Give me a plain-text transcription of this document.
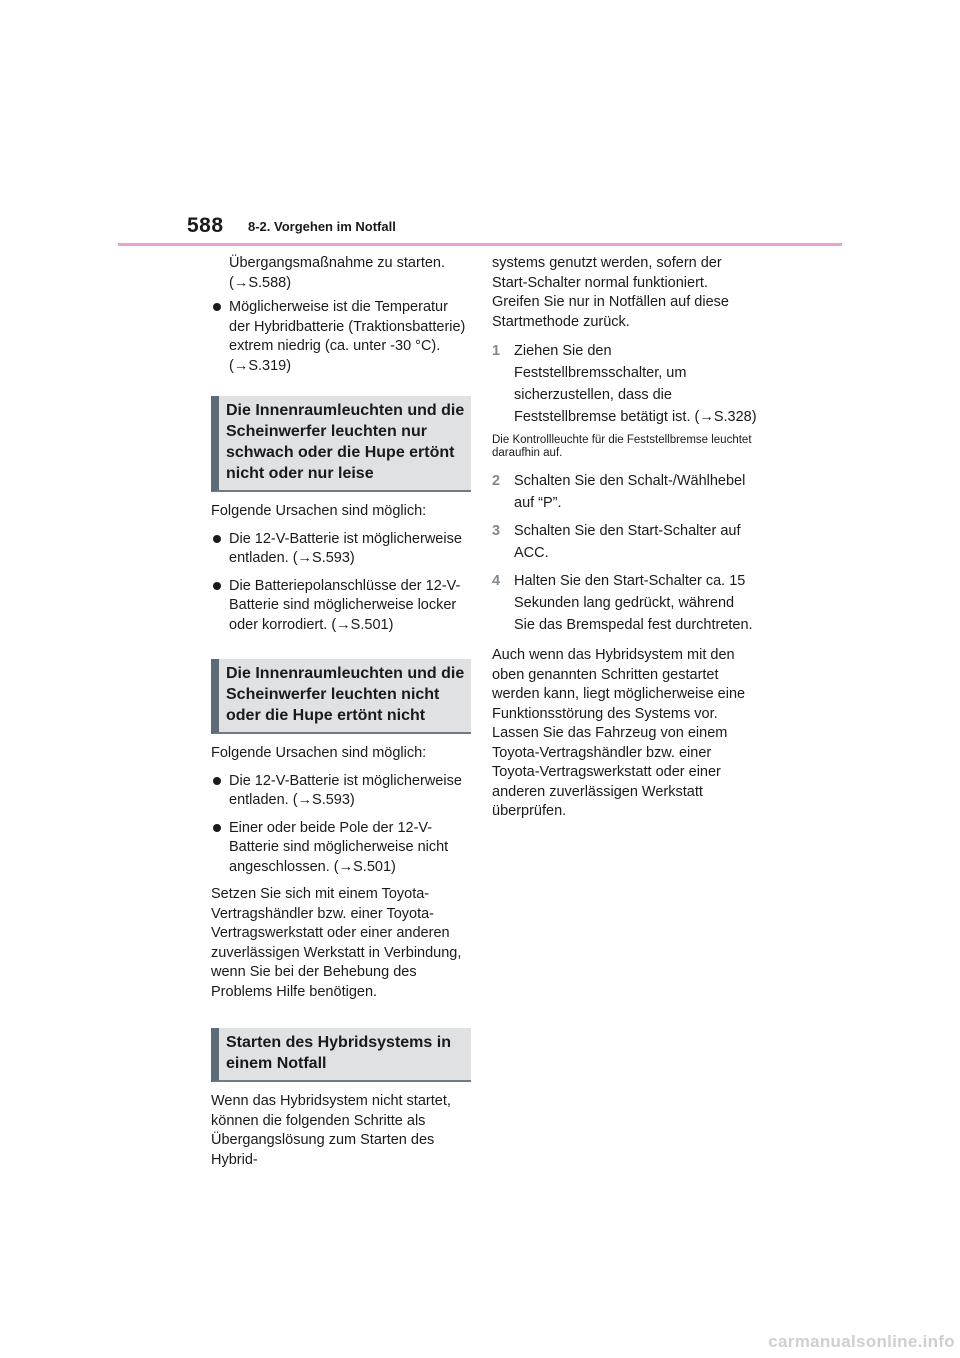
588 8-2. Vorgehen im Notfall
Übergangsmaßnahme zu starten.
(→S.588)
Möglicherweise ist die Temperatur der Hybridbatterie (Traktionsbatterie) extrem niedrig (ca. unter -30 °C). (→S.319)
Die Innenraumleuchten und die Scheinwerfer leuchten nur schwach oder die Hupe ertönt nicht oder nur leise
Folgende Ursachen sind möglich:
Die 12-V-Batterie ist möglicherweise entladen. (→S.593)
Die Batteriepolanschlüsse der 12-V-Batterie sind möglicherweise locker oder korrodiert. (→S.501)
Die Innenraumleuchten und die Scheinwerfer leuchten nicht oder die Hupe ertönt nicht
Folgende Ursachen sind möglich:
Die 12-V-Batterie ist möglicherweise entladen. (→S.593)
Einer oder beide Pole der 12-V-Batterie sind möglicherweise nicht angeschlossen. (→S.501)
Setzen Sie sich mit einem Toyota-Vertragshändler bzw. einer Toyota-Vertragswerkstatt oder einer anderen zuverlässigen Werkstatt in Verbindung, wenn Sie bei der Behebung des Problems Hilfe benötigen.
Starten des Hybridsystems in einem Notfall
Wenn das Hybridsystem nicht startet, können die folgenden Schritte als Übergangslösung zum Starten des Hybrid-
systems genutzt werden, sofern der Start-Schalter normal funktioniert. Greifen Sie nur in Notfällen auf diese Startmethode zurück.
1 Ziehen Sie den Feststellbremsschalter, um sicherzustellen, dass die Feststellbremse betätigt ist. (→S.328)
Die Kontrollleuchte für die Feststellbremse leuchtet daraufhin auf.
2 Schalten Sie den Schalt-/Wählhebel auf “P”.
3 Schalten Sie den Start-Schalter auf ACC.
4 Halten Sie den Start-Schalter ca. 15 Sekunden lang gedrückt, während Sie das Bremspedal fest durchtreten.
Auch wenn das Hybridsystem mit den oben genannten Schritten gestartet werden kann, liegt möglicherweise eine Funktionsstörung des Systems vor. Lassen Sie das Fahrzeug von einem Toyota-Vertragshändler bzw. einer Toyota-Vertragswerkstatt oder einer anderen zuverlässigen Werkstatt überprüfen.
carmanualsonline.info
